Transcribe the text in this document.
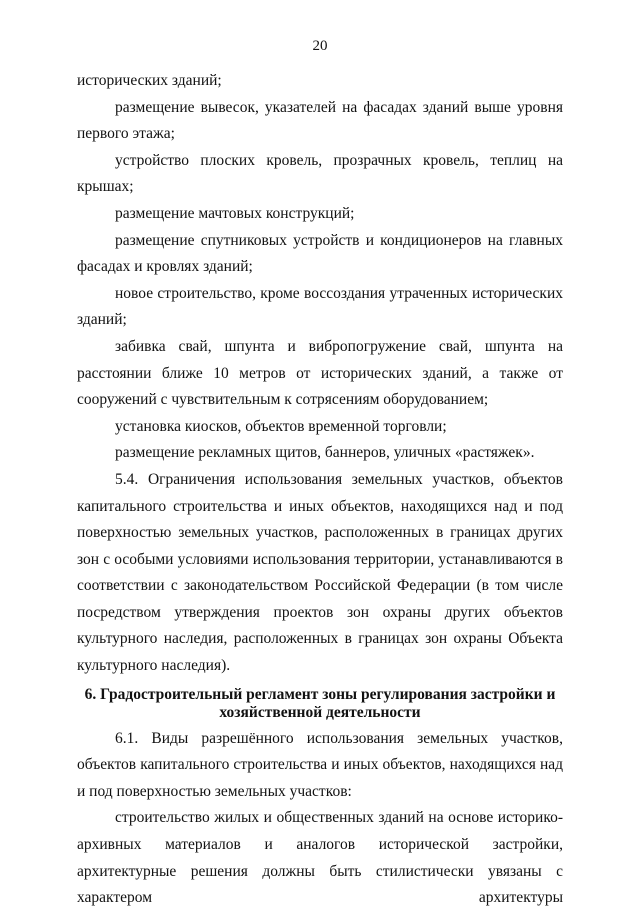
20

исторических зданий;

размещение вывесок, указателей на фасадах зданий выше уровня первого этажа;

устройство плоских кровель, прозрачных кровель, теплиц на крышах;

размещение мачтовых конструкций;

размещение спутниковых устройств и кондиционеров на главных фасадах и кровлях зданий;

новое строительство, кроме воссоздания утраченных исторических зданий;

забивка свай, шпунта и вибропогружение свай, шпунта на расстоянии ближе 10 метров от исторических зданий, а также от сооружений с чувствительным к сотрясениям оборудованием;

установка киосков, объектов временной торговли;

размещение рекламных щитов, баннеров, уличных «растяжек».

5.4. Ограничения использования земельных участков, объектов капитального строительства и иных объектов, находящихся над и под поверхностью земельных участков, расположенных в границах других зон с особыми условиями использования территории, устанавливаются в соответствии с законодательством Российской Федерации (в том числе посредством утверждения проектов зон охраны других объектов культурного наследия, расположенных в границах зон охраны Объекта культурного наследия).

6. Градостроительный регламент зоны регулирования застройки и
хозяйственной деятельности

6.1. Виды разрешённого использования земельных участков, объектов капитального строительства и иных объектов, находящихся над и под поверхностью земельных участков:

строительство жилых и общественных зданий на основе историко-архивных материалов и аналогов исторической застройки, архитектурные решения должны быть стилистически увязаны с характером архитектуры
